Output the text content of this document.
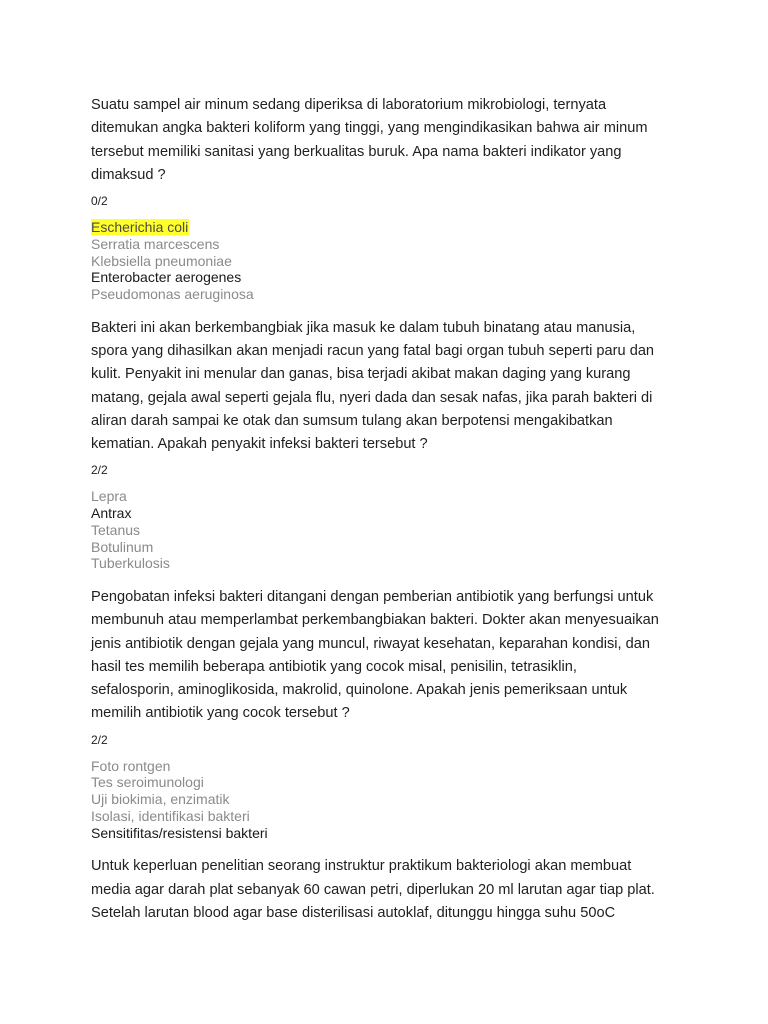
Suatu sampel air minum sedang diperiksa di laboratorium mikrobiologi, ternyata
ditemukan angka bakteri koliform yang tinggi, yang mengindikasikan bahwa air minum
tersebut memiliki sanitasi yang berkualitas buruk. Apa nama bakteri indikator yang
dimaksud ?

0/2
Escherichia coli
Serratia marcescens
Klebsiella pneumoniae
Enterobacter aerogenes
Pseudomonas aeruginosa

Bakteri ini akan berkembangbiak jika masuk ke dalam tubuh binatang atau manusia,
spora yang dihasilkan akan menjadi racun yang fatal bagi organ tubuh seperti paru dan
kulit. Penyakit ini menular dan ganas, bisa terjadi akibat makan daging yang kurang
matang, gejala awal seperti gejala flu, nyeri dada dan sesak nafas, jika parah bakteri di
aliran darah sampai ke otak dan sumsum tulang akan berpotensi mengakibatkan
kematian. Apakah penyakit infeksi bakteri tersebut ?

2/2
Lepra
Antrax
Tetanus
Botulinum
Tuberkulosis

Pengobatan infeksi bakteri ditangani dengan pemberian antibiotik yang berfungsi untuk
membunuh atau memperlambat perkembangbiakan bakteri. Dokter akan menyesuaikan
jenis antibiotik dengan gejala yang muncul, riwayat kesehatan, keparahan kondisi, dan
hasil tes memilih beberapa antibiotik yang cocok misal, penisilin, tetrasiklin,
sefalosporin, aminoglikosida, makrolid, quinolone. Apakah jenis pemeriksaan untuk
memilih antibiotik yang cocok tersebut ?

2/2
Foto rontgen
Tes seroimunologi
Uji biokimia, enzimatik
Isolasi, identifikasi bakteri
Sensitifitas/resistensi bakteri

Untuk keperluan penelitian seorang instruktur praktikum bakteriologi akan membuat
media agar darah plat sebanyak 60 cawan petri, diperlukan 20 ml larutan agar tiap plat.
Setelah larutan blood agar base disterilisasi autoklaf, ditunggu hingga suhu 50oC
